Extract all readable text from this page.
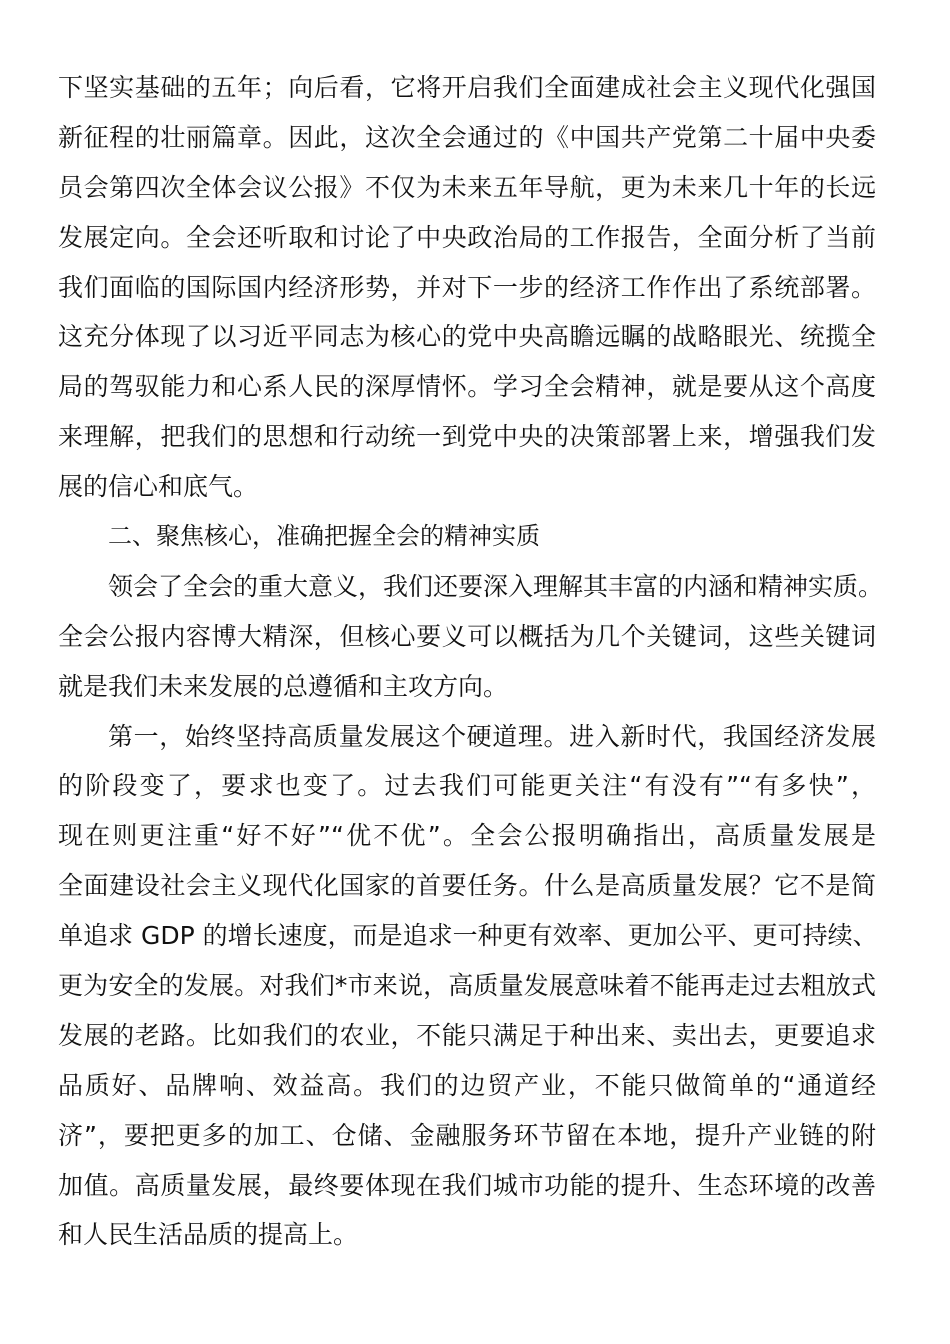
下坚实基础的五年；向后看，它将开启我们全面建成社会主义现代化强国
新征程的壮丽篇章。因此，这次全会通过的《中国共产党第二十届中央委
员会第四次全体会议公报》不仅为未来五年导航，更为未来几十年的长远
发展定向。全会还听取和讨论了中央政治局的工作报告，全面分析了当前
我们面临的国际国内经济形势，并对下一步的经济工作作出了系统部署。
这充分体现了以习近平同志为核心的党中央高瞻远瞩的战略眼光、统揽全
局的驾驭能力和心系人民的深厚情怀。学习全会精神，就是要从这个高度
来理解，把我们的思想和行动统一到党中央的决策部署上来，增强我们发
展的信心和底气。
二、聚焦核心，准确把握全会的精神实质
领会了全会的重大意义，我们还要深入理解其丰富的内涵和精神实质。
全会公报内容博大精深，但核心要义可以概括为几个关键词，这些关键词
就是我们未来发展的总遵循和主攻方向。
第一，始终坚持高质量发展这个硬道理。进入新时代，我国经济发展
的阶段变了，要求也变了。过去我们可能更关注“有没有”“有多快”，
现在则更注重“好不好”“优不优”。全会公报明确指出，高质量发展是
全面建设社会主义现代化国家的首要任务。什么是高质量发展？它不是简
单追求 GDP 的增长速度，而是追求一种更有效率、更加公平、更可持续、
更为安全的发展。对我们*市来说，高质量发展意味着不能再走过去粗放式
发展的老路。比如我们的农业，不能只满足于种出来、卖出去，更要追求
品质好、品牌响、效益高。我们的边贸产业，不能只做简单的“通道经
济”，要把更多的加工、仓储、金融服务环节留在本地，提升产业链的附
加值。高质量发展，最终要体现在我们城市功能的提升、生态环境的改善
和人民生活品质的提高上。
